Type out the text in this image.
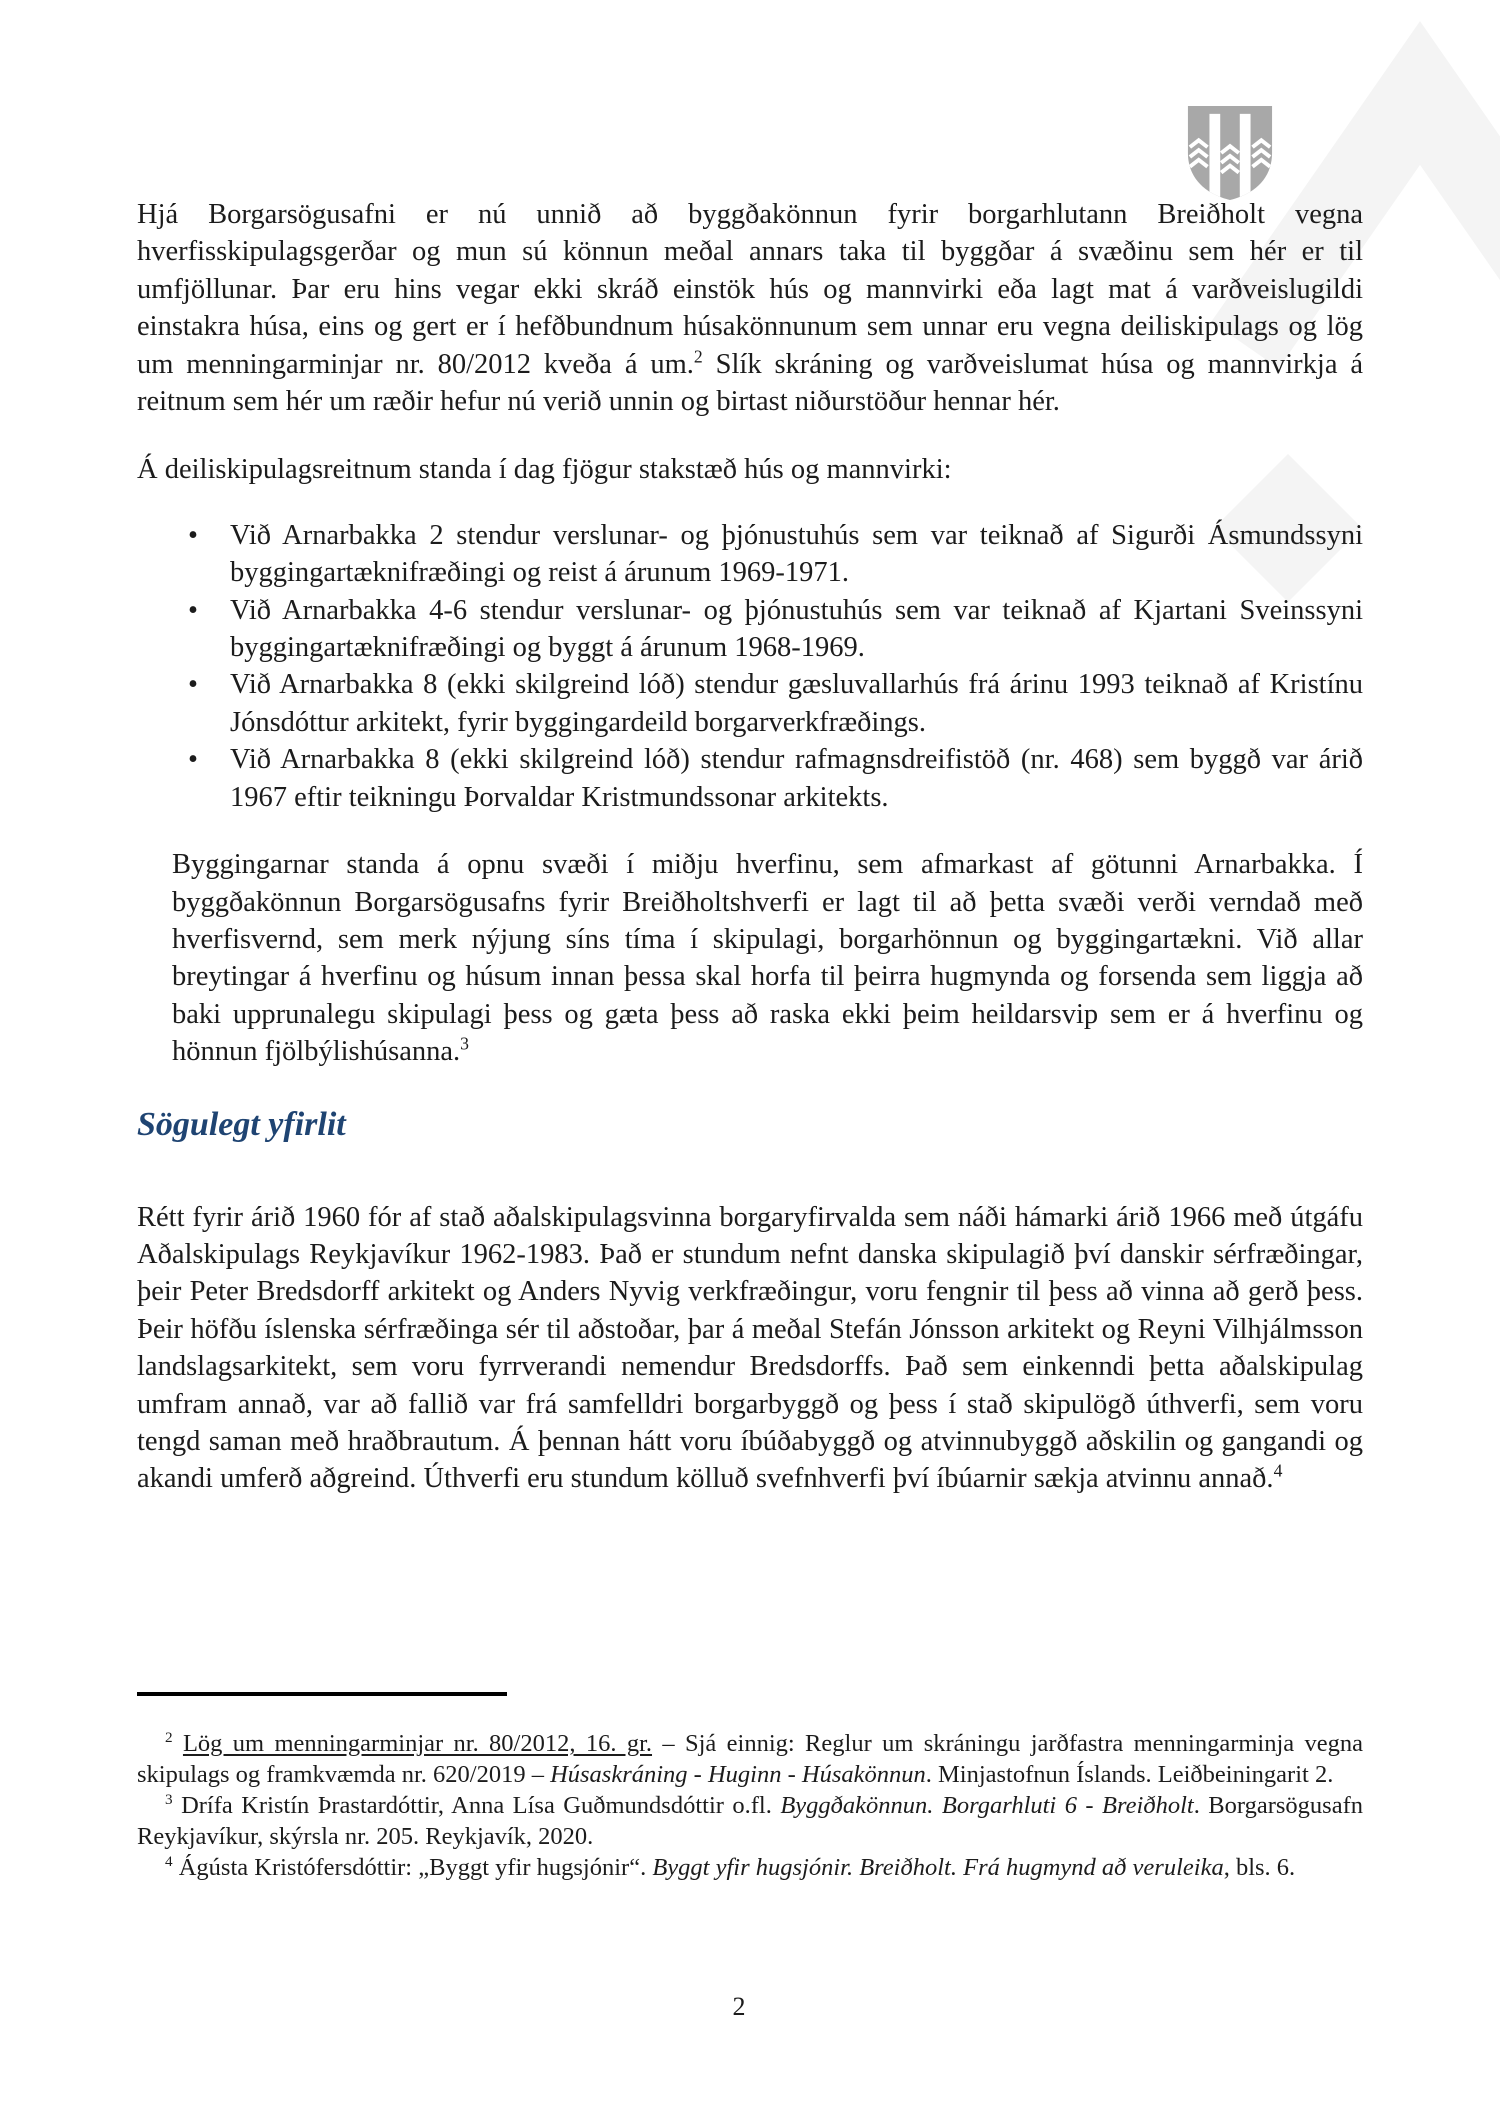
Hjá Borgarsögusafni er nú unnið að byggðakönnun fyrir borgarhlutann Breiðholt vegna hverfisskipulagsgerðar og mun sú könnun meðal annars taka til byggðar á svæðinu sem hér er til umfjöllunar. Þar eru hins vegar ekki skráð einstök hús og mannvirki eða lagt mat á varðveislugildi einstakra húsa, eins og gert er í hefðbundnum húsakönnunum sem unnar eru vegna deiliskipulags og lög um menningarminjar nr. 80/2012 kveða á um.$^2$ Slík skráning og varðveislumat húsa og mannvirkja á reitnum sem hér um ræðir hefur nú verið unnin og birtast niðurstöður hennar hér.

Á deiliskipulagsreitnum standa í dag fjögur stakstæð hús og mannvirki:

•	Við Arnarbakka 2 stendur verslunar- og þjónustuhús sem var teiknað af Sigurði Ásmundssyni byggingartæknifræðingi og reist á árunum 1969-1971.
•	Við Arnarbakka 4-6 stendur verslunar- og þjónustuhús sem var teiknað af Kjartani Sveinssyni byggingartæknifræðingi og byggt á árunum 1968-1969.
•	Við Arnarbakka 8 (ekki skilgreind lóð) stendur gæsluvallarhús frá árinu 1993 teiknað af Kristínu Jónsdóttur arkitekt, fyrir byggingardeild borgarverkfræðings.
•	Við Arnarbakka 8 (ekki skilgreind lóð) stendur rafmagnsdreifistöð (nr. 468) sem byggð var árið 1967 eftir teikningu Þorvaldar Kristmundssonar arkitekts.

Byggingarnar standa á opnu svæði í miðju hverfinu, sem afmarkast af götunni Arnarbakka. Í byggðakönnun Borgarsögusafns fyrir Breiðholtshverfi er lagt til að þetta svæði verði verndað með hverfisvernd, sem merk nýjung síns tíma í skipulagi, borgarhönnun og byggingartækni. Við allar breytingar á hverfinu og húsum innan þessa skal horfa til þeirra hugmynda og forsenda sem liggja að baki upprunalegu skipulagi þess og gæta þess að raska ekki þeim heildarsvip sem er á hverfinu og hönnun fjölbýlishúsanna.$^3$

Sögulegt yfirlit

Rétt fyrir árið 1960 fór af stað aðalskipulagsvinna borgaryfirvalda sem náði hámarki árið 1966 með útgáfu Aðalskipulags Reykjavíkur 1962-1983. Það er stundum nefnt danska skipulagið því danskir sérfræðingar, þeir Peter Bredsdorff arkitekt og Anders Nyvig verkfræðingur, voru fengnir til þess að vinna að gerð þess. Þeir höfðu íslenska sérfræðinga sér til aðstoðar, þar á meðal Stefán Jónsson arkitekt og Reyni Vilhjálmsson landslagsarkitekt, sem voru fyrrverandi nemendur Bredsdorffs. Það sem einkenndi þetta aðalskipulag umfram annað, var að fallið var frá samfelldri borgarbyggð og þess í stað skipulögð úthverfi, sem voru tengd saman með hraðbrautum. Á þennan hátt voru íbúðabyggð og atvinnubyggð aðskilin og gangandi og akandi umferð aðgreind. Úthverfi eru stundum kölluð svefnhverfi því íbúarnir sækja atvinnu annað.$^4$

$^2$ Lög um menningarminjar nr. 80/2012, 16. gr. – Sjá einnig: Reglur um skráningu jarðfastra menningarminja vegna skipulags og framkvæmda nr. 620/2019 – Húsaskráning - Huginn - Húsakönnun. Minjastofnun Íslands. Leiðbeiningarit 2.

$^3$ Drífa Kristín Þrastardóttir, Anna Lísa Guðmundsdóttir o.fl. Byggðakönnun. Borgarhluti 6 - Breiðholt. Borgarsögusafn Reykjavíkur, skýrsla nr. 205. Reykjavík, 2020.

$^4$ Ágústa Kristófersdóttir: „Byggt yfir hugsjónir“. Byggt yfir hugsjónir. Breiðholt. Frá hugmynd að veruleika, bls. 6.

2
